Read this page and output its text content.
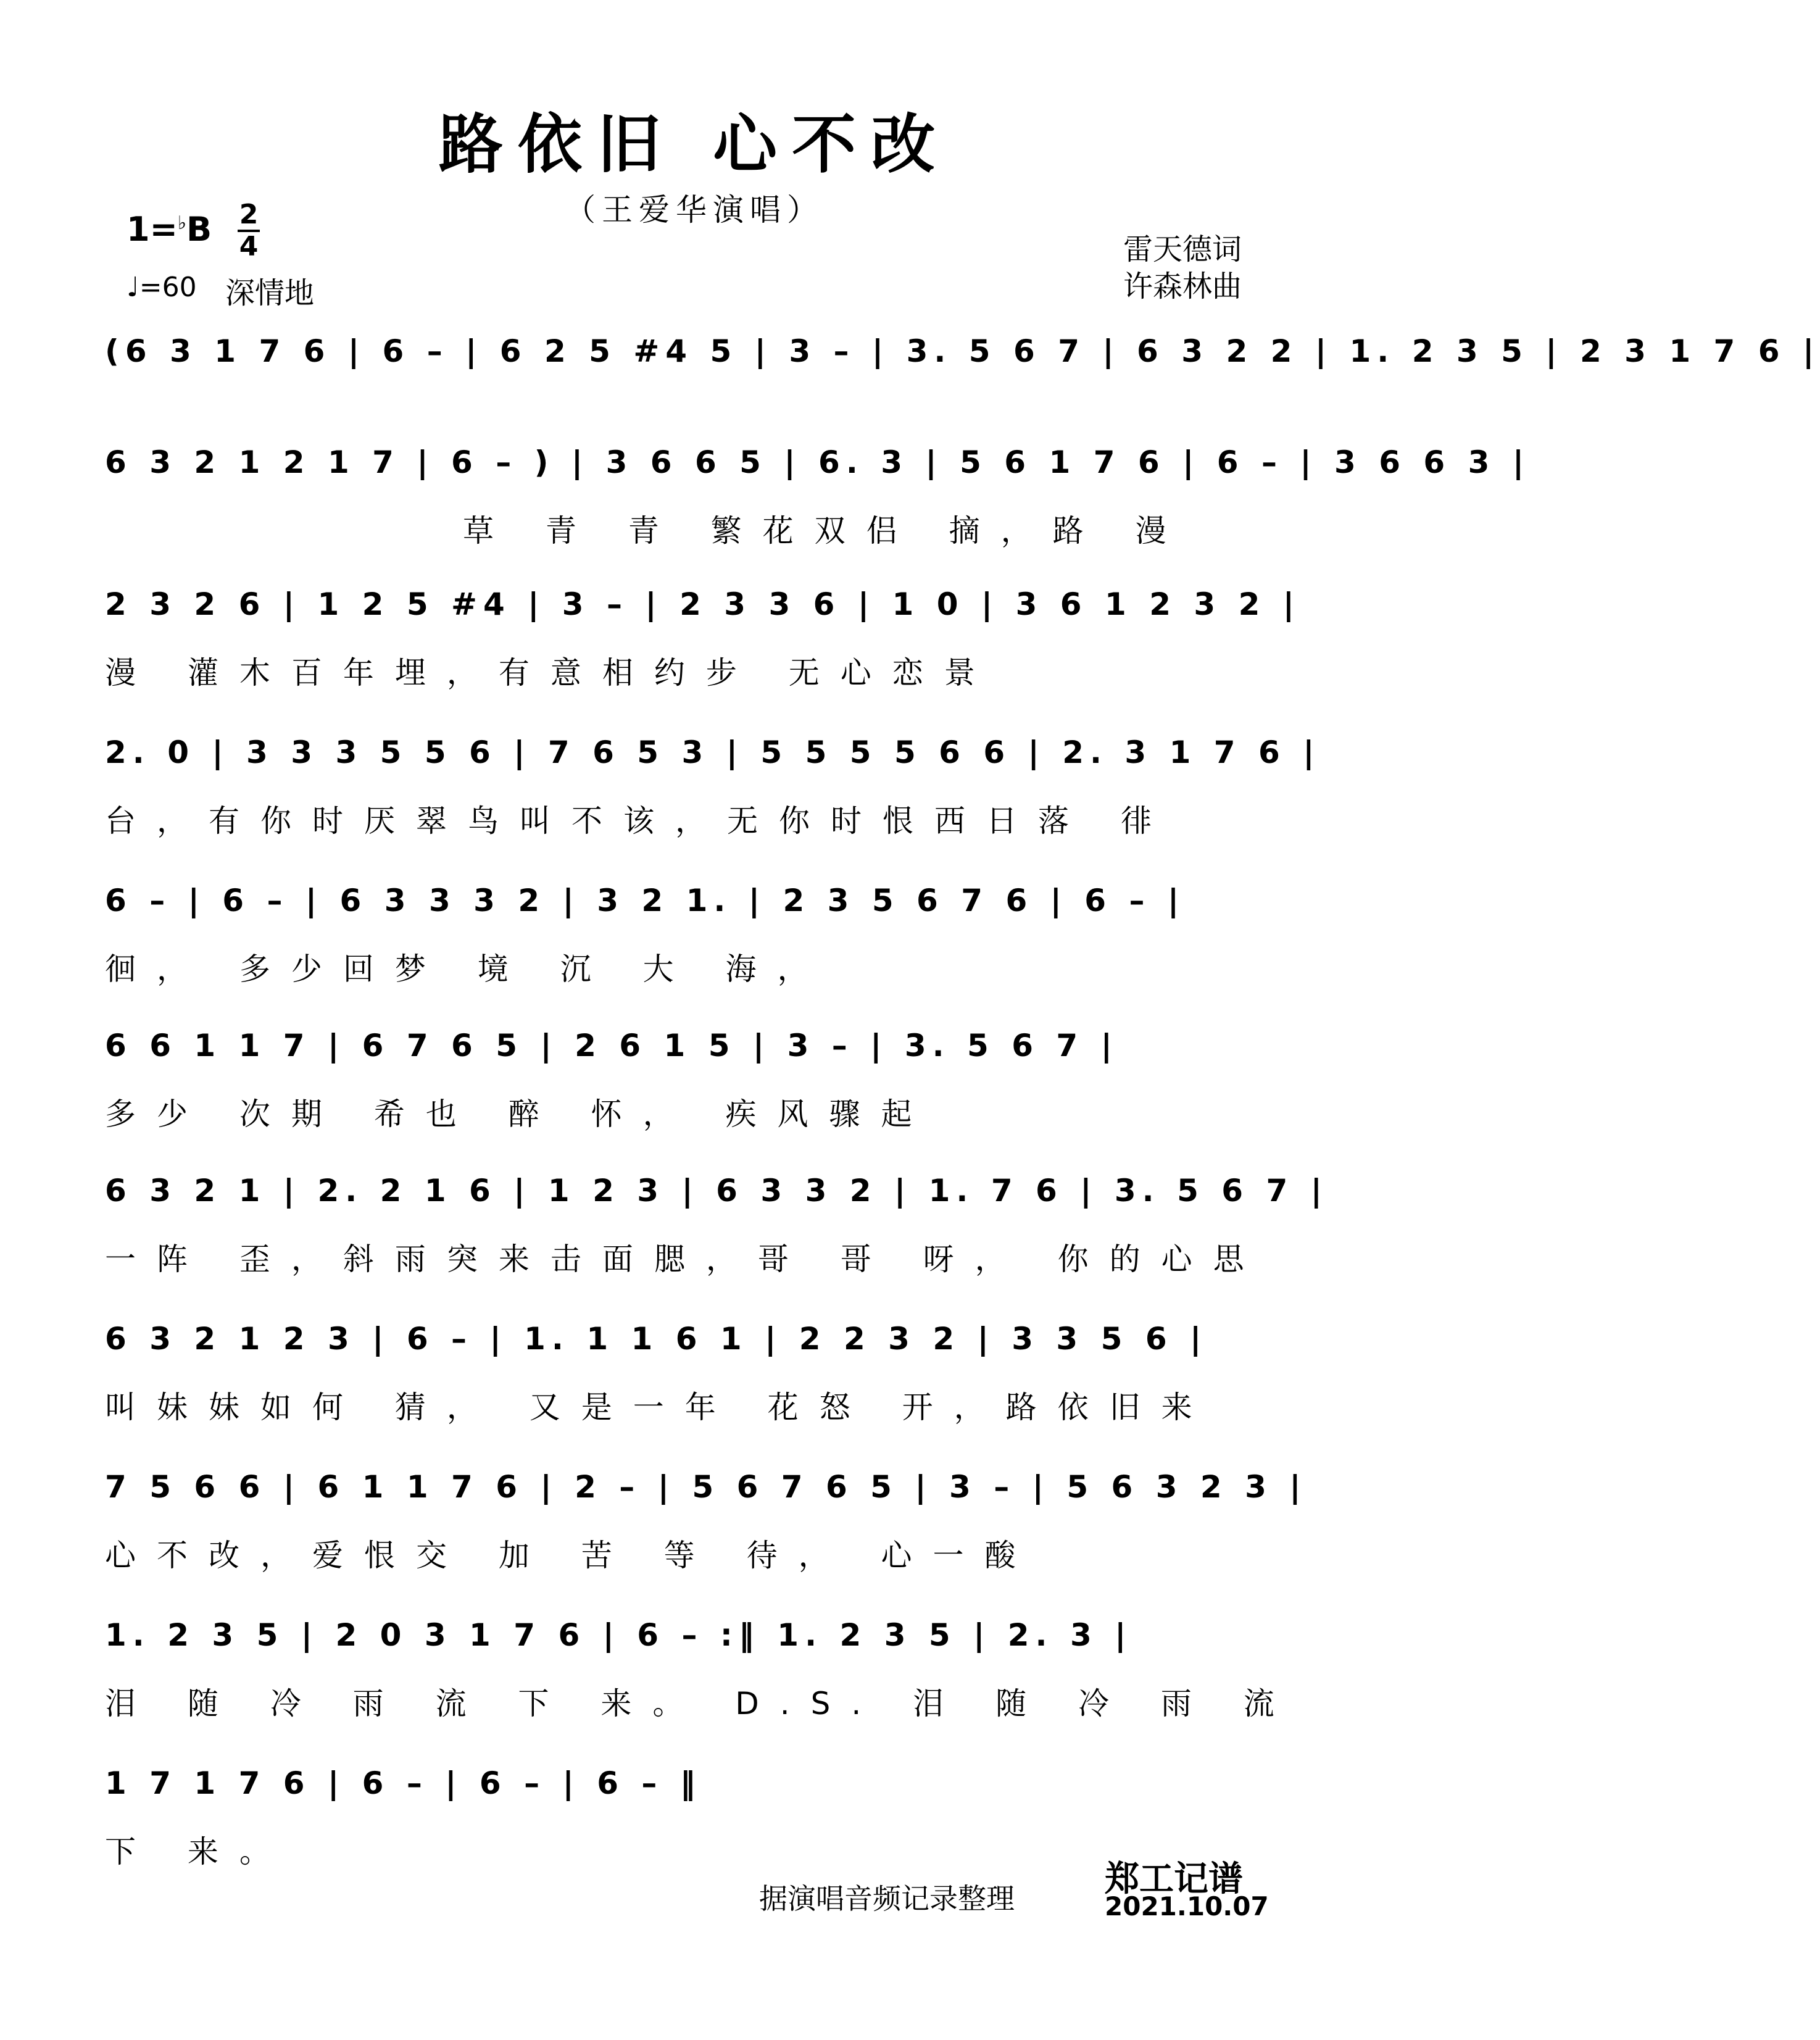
路依旧 心不改
（王爱华演唱）
1=♭B 2
4
♩=60 深情地
雷天德词
许森林曲
(6 3 1 7 6 | 6 – | 6 2 5 #4 5 | 3 – | 3. 5 6 7 | 6 3 2 2 | 1. 2 3 5 | 2 3 1 7 6 |
6 3 2 1 2 1 7 | 6 – ) | 3 6 6 5 | 6. 3 | 5 6 1 7 6 | 6 – | 3 6 6 3 |
草 青 青 繁花双侣 摘，路 漫
2 3 2 6 | 1 2 5 #4 | 3 – | 2 3 3 6 | 1 0 | 3 6 1 2 3 2 |
漫 灌木百年埋，有意相约步 无心恋景
2. 0 | 3 3 3 5 5 6 | 7 6 5 3 | 5 5 5 5 6 6 | 2. 3 1 7 6 |
台，有你时厌翠鸟叫不该，无你时恨西日落 徘
6 – | 6 – | 6 3 3 3 2 | 3 2 1. | 2 3 5 6 7 6 | 6 – |
徊， 多少回梦 境 沉 大 海，
6 6 1 1 7 | 6 7 6 5 | 2 6 1 5 | 3 – | 3. 5 6 7 |
多少 次期 希也 醉 怀， 疾风骤起
6 3 2 1 | 2. 2 1 6 | 1 2 3 | 6 3 3 2 | 1. 7 6 | 3. 5 6 7 |
一阵 歪，斜雨突来击面腮，哥 哥 呀， 你的心思
6 3 2 1 2 3 | 6 – | 1. 1 1 6 1 | 2 2 3 2 | 3 3 5 6 |
叫妹妹如何 猜， 又是一年 花怒 开，路依旧来
7 5 6 6 | 6 1 1 7 6 | 2 – | 5 6 7 6 5 | 3 – | 5 6 3 2 3 |
心不改，爱恨交 加 苦 等 待， 心一酸
1. 2 3 5 | 2 0 3 1 7 6 | 6 – :‖ 1. 2 3 5 | 2. 3 |
泪 随 冷 雨 流 下 来。 D.S. 泪 随 冷 雨 流
1 7 1 7 6 | 6 – | 6 – | 6 – ‖
下 来。
据演唱音频记录整理	郑工记谱
2021.10.07
